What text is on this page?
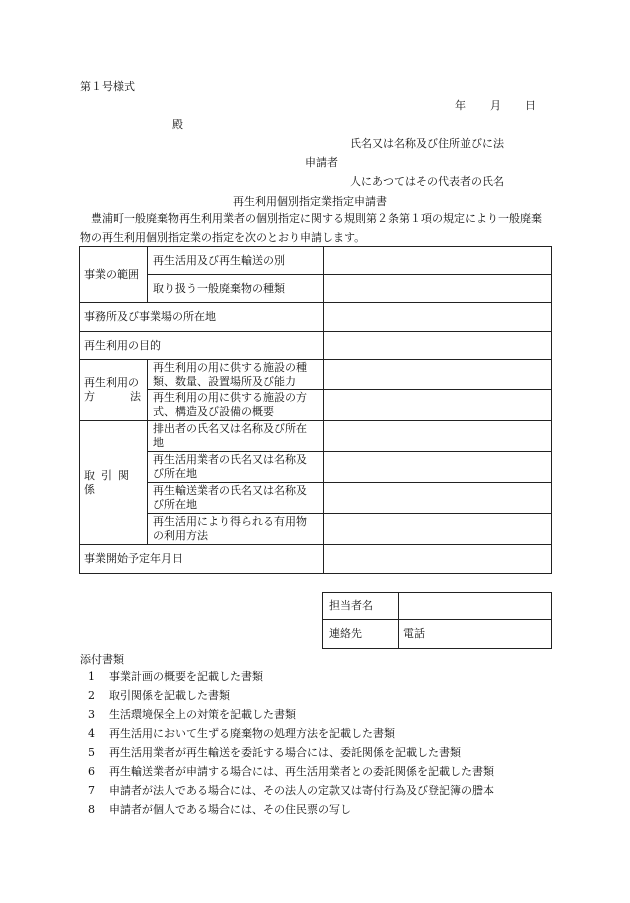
第１号様式
年 月 日
殿
氏名又は名称及び住所並びに法
申請者
人にあつてはその代表者の氏名
再生利用個別指定業指定申請書
豊浦町一般廃棄物再生利用業者の個別指定に関する規則第２条第１項の規定により一般廃棄物の再生利用個別指定業の指定を次のとおり申請します。
事業の範囲
再生活用及び再生輸送の別
取り扱う一般廃棄物の種類
事務所及び事業場の所在地
再生利用の目的
再生利用の
方	法
再生利用の用に供する施設の種
類、数量、設置場所及び能力
再生利用の用に供する施設の方
式、構造及び設備の概要
取引関係
排出者の氏名又は名称及び所在
地
再生活用業者の氏名又は名称及
び所在地
再生輸送業者の氏名又は名称及
び所在地
再生活用により得られる有用物
の利用方法
事業開始予定年月日
担当者名
連絡先	電話
添付書類
1 事業計画の概要を記載した書類
2 取引関係を記載した書類
3 生活環境保全上の対策を記載した書類
4 再生活用において生ずる廃棄物の処理方法を記載した書類
5 再生活用業者が再生輸送を委託する場合には、委託関係を記載した書類
6 再生輸送業者が申請する場合には、再生活用業者との委託関係を記載した書類
7 申請者が法人である場合には、その法人の定款又は寄付行為及び登記簿の謄本
8 申請者が個人である場合には、その住民票の写し
